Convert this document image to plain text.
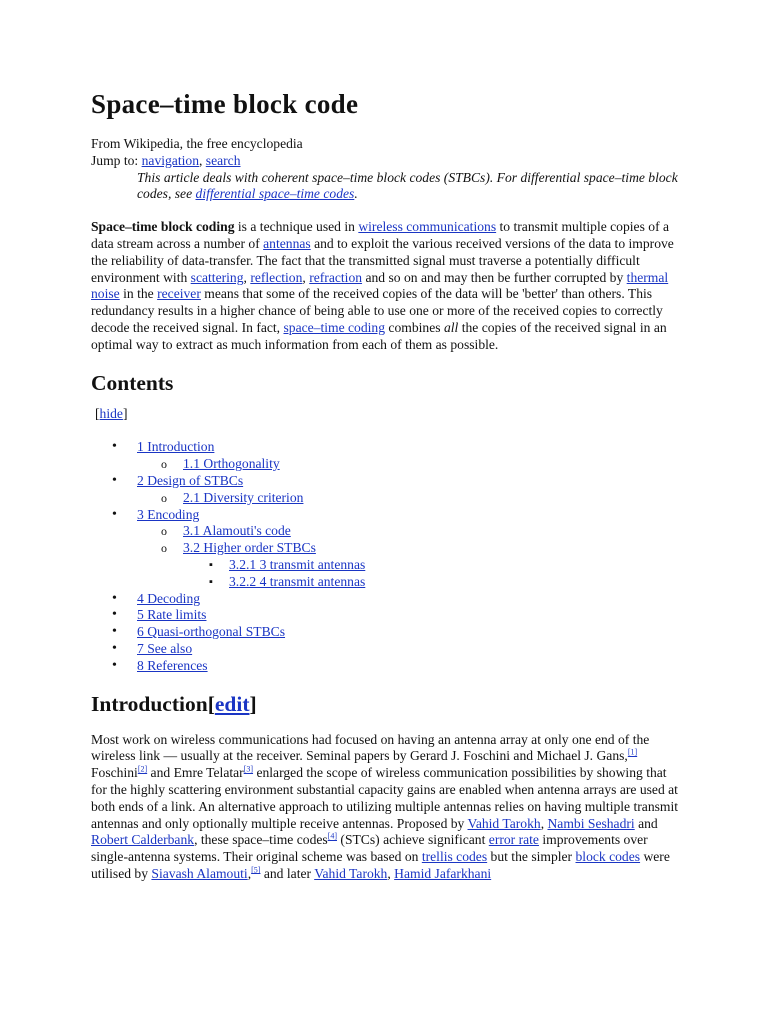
Space–time block code
From Wikipedia, the free encyclopedia
Jump to: navigation, search
This article deals with coherent space–time block codes (STBCs). For differential space–time block codes, see differential space–time codes.

Space–time block coding is a technique used in wireless communications to transmit multiple copies of a data stream across a number of antennas and to exploit the various received versions of the data to improve the reliability of data-transfer. The fact that the transmitted signal must traverse a potentially difficult environment with scattering, reflection, refraction and so on and may then be further corrupted by thermal noise in the receiver means that some of the received copies of the data will be 'better' than others. This redundancy results in a higher chance of being able to use one or more of the received copies to correctly decode the received signal. In fact, space–time coding combines all the copies of the received signal in an optimal way to extract as much information from each of them as possible.

Contents
[hide]
• 1 Introduction
o 1.1 Orthogonality
• 2 Design of STBCs
o 2.1 Diversity criterion
• 3 Encoding
o 3.1 Alamouti's code
o 3.2 Higher order STBCs
▪ 3.2.1 3 transmit antennas
▪ 3.2.2 4 transmit antennas
• 4 Decoding
• 5 Rate limits
• 6 Quasi-orthogonal STBCs
• 7 See also
• 8 References
Introduction[edit]

Most work on wireless communications had focused on having an antenna array at only one end of the wireless link — usually at the receiver. Seminal papers by Gerard J. Foschini and Michael J. Gans,[1] Foschini[2] and Emre Telatar[3] enlarged the scope of wireless communication possibilities by showing that for the highly scattering environment substantial capacity gains are enabled when antenna arrays are used at both ends of a link. An alternative approach to utilizing multiple antennas relies on having multiple transmit antennas and only optionally multiple receive antennas. Proposed by Vahid Tarokh, Nambi Seshadri and Robert Calderbank, these space–time codes[4] (STCs) achieve significant error rate improvements over single-antenna systems. Their original scheme was based on trellis codes but the simpler block codes were utilised by Siavash Alamouti,[5] and later Vahid Tarokh, Hamid Jafarkhani
